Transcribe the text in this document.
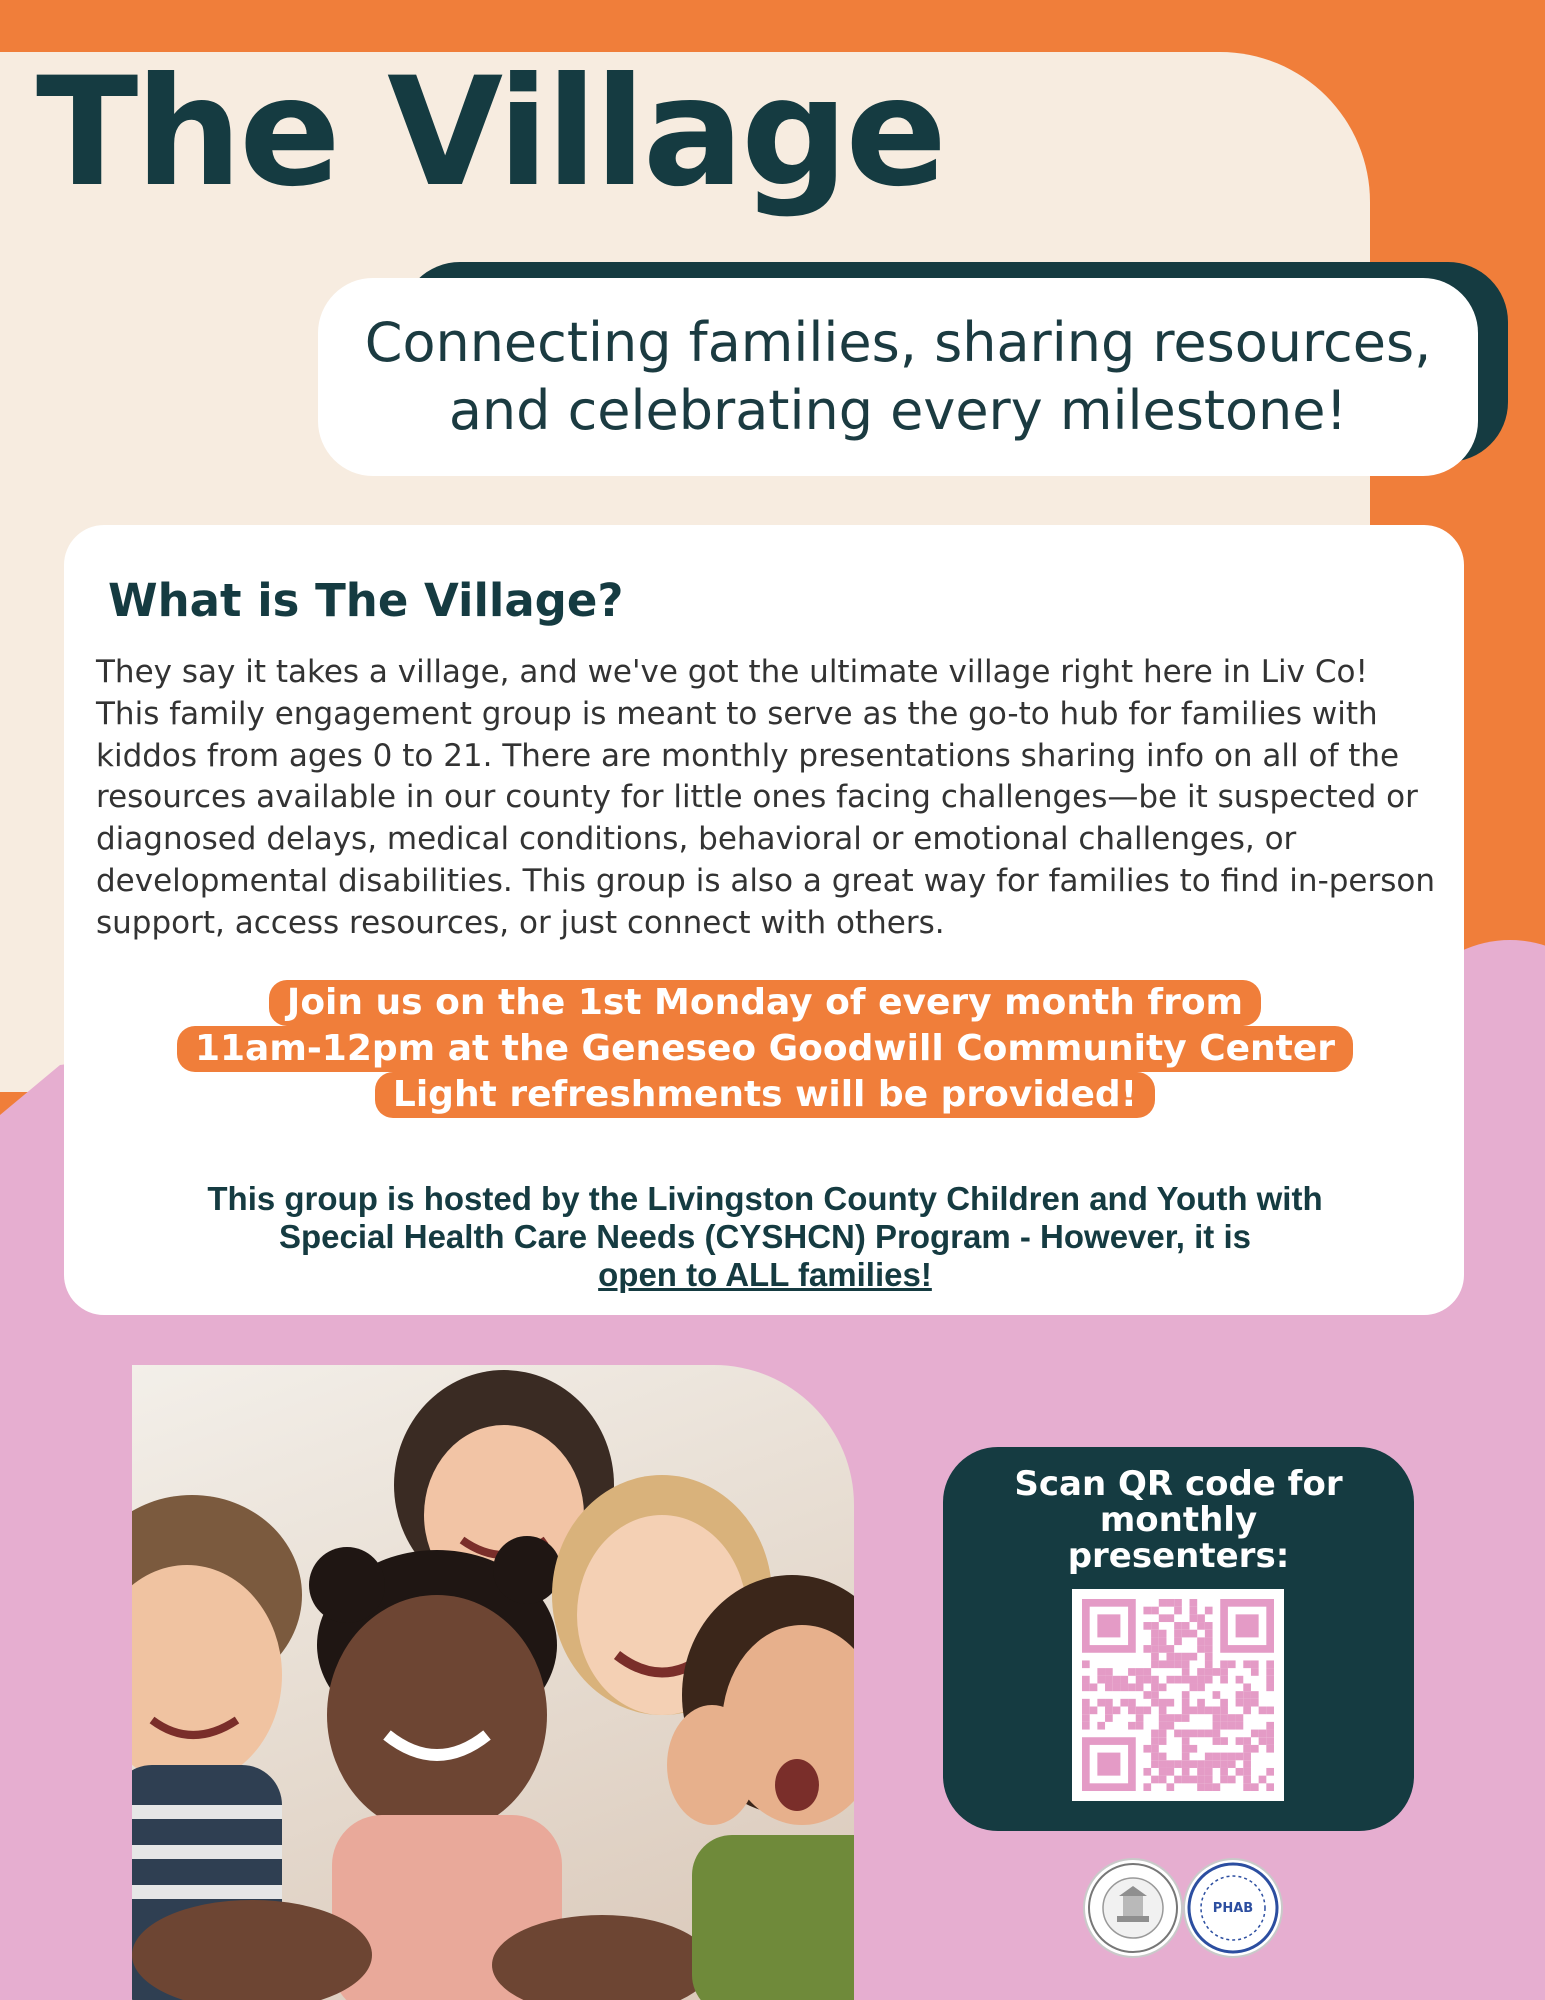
The Village
Connecting families, sharing resources,
and celebrating every milestone!
What is The Village?

They say it takes a village, and we've got the ultimate village right here in Liv Co! This family engagement group is meant to serve as the go-to hub for families with kiddos from ages 0 to 21. There are monthly presentations sharing info on all of the resources available in our county for little ones facing challenges—be it suspected or diagnosed delays, medical conditions, behavioral or emotional challenges, or developmental disabilities. This group is also a great way for families to find in-person support, access resources, or just connect with others.

Join us on the 1st Monday of every month from
11am-12pm at the Geneseo Goodwill Community Center
Light refreshments will be provided!
This group is hosted by the Livingston County Children and Youth with
Special Health Care Needs (CYSHCN) Program - However, it is
open to ALL families!
Scan QR code for
monthly
presenters:
PHAB
